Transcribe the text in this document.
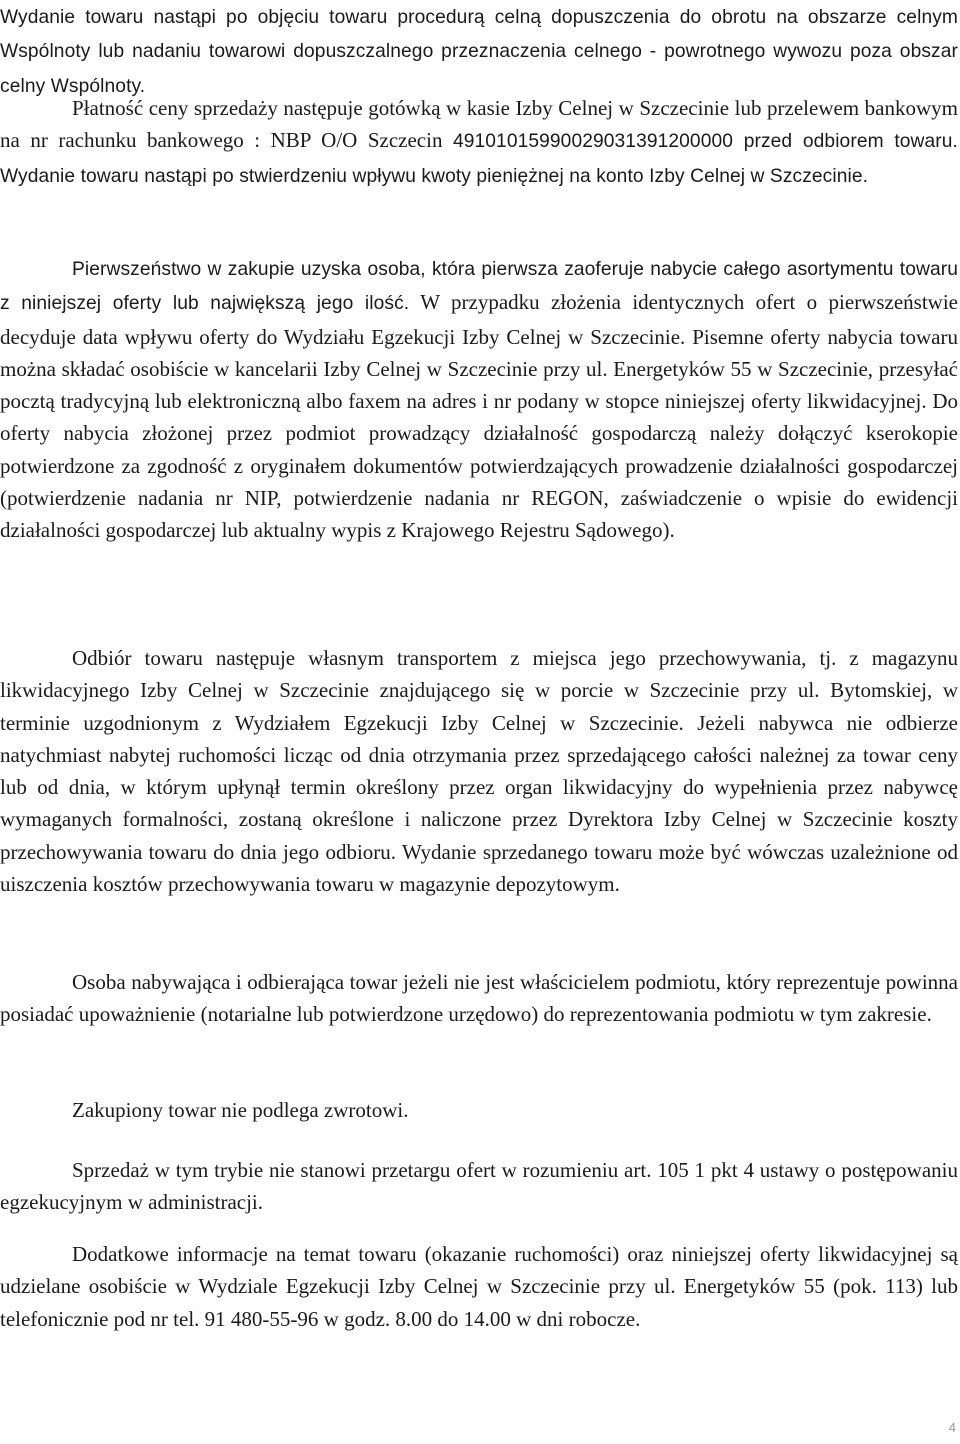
Wydanie towaru nastąpi po objęciu towaru procedurą celną dopuszczenia do obrotu na obszarze celnym Wspólnoty lub nadaniu towarowi dopuszczalnego przeznaczenia celnego - powrotnego wywozu poza obszar celny Wspólnoty.

Płatność ceny sprzedaży następuje gotówką w kasie Izby Celnej w Szczecinie lub przelewem bankowym na nr rachunku bankowego : NBP O/O Szczecin 49101015990029031391200000 przed odbiorem towaru. Wydanie towaru nastąpi po stwierdzeniu wpływu kwoty pieniężnej na konto Izby Celnej w Szczecinie.

Pierwszeństwo w zakupie uzyska osoba, która pierwsza zaoferuje nabycie całego asortymentu towaru z niniejszej oferty lub największą jego ilość. W przypadku złożenia identycznych ofert o pierwszeństwie decyduje data wpływu oferty do Wydziału Egzekucji Izby Celnej w Szczecinie. Pisemne oferty nabycia towaru można składać osobiście w kancelarii Izby Celnej w Szczecinie przy ul. Energetyków 55 w Szczecinie, przesyłać pocztą tradycyjną lub elektroniczną albo faxem na adres i nr podany w stopce niniejszej oferty likwidacyjnej. Do oferty nabycia złożonej przez podmiot prowadzący działalność gospodarczą należy dołączyć kserokopie potwierdzone za zgodność z oryginałem dokumentów potwierdzających prowadzenie działalności gospodarczej (potwierdzenie nadania nr NIP, potwierdzenie nadania nr REGON, zaświadczenie o wpisie do ewidencji działalności gospodarczej lub aktualny wypis z Krajowego Rejestru Sądowego).

Odbiór towaru następuje własnym transportem z miejsca jego przechowywania, tj. z magazynu likwidacyjnego Izby Celnej w Szczecinie znajdującego się w porcie w Szczecinie przy ul. Bytomskiej, w terminie uzgodnionym z Wydziałem Egzekucji Izby Celnej w Szczecinie. Jeżeli nabywca nie odbierze natychmiast nabytej ruchomości licząc od dnia otrzymania przez sprzedającego całości należnej za towar ceny lub od dnia, w którym upłynął termin określony przez organ likwidacyjny do wypełnienia przez nabywcę wymaganych formalności, zostaną określone i naliczone przez Dyrektora Izby Celnej w Szczecinie koszty przechowywania towaru do dnia jego odbioru. Wydanie sprzedanego towaru może być wówczas uzależnione od uiszczenia kosztów przechowywania towaru w magazynie depozytowym.

Osoba nabywająca i odbierająca towar jeżeli nie jest właścicielem podmiotu, który reprezentuje powinna posiadać upoważnienie (notarialne lub potwierdzone urzędowo) do reprezentowania podmiotu w tym zakresie.

Zakupiony towar nie podlega zwrotowi.

Sprzedaż w tym trybie nie stanowi przetargu ofert w rozumieniu art. 105 1 pkt 4 ustawy o postępowaniu egzekucyjnym w administracji.

Dodatkowe informacje na temat towaru (okazanie ruchomości) oraz niniejszej oferty likwidacyjnej są udzielane osobiście w Wydziale Egzekucji Izby Celnej w Szczecinie przy ul. Energetyków 55 (pok. 113) lub telefonicznie pod nr tel. 91 480-55-96 w godz. 8.00 do 14.00 w dni robocze.

4
